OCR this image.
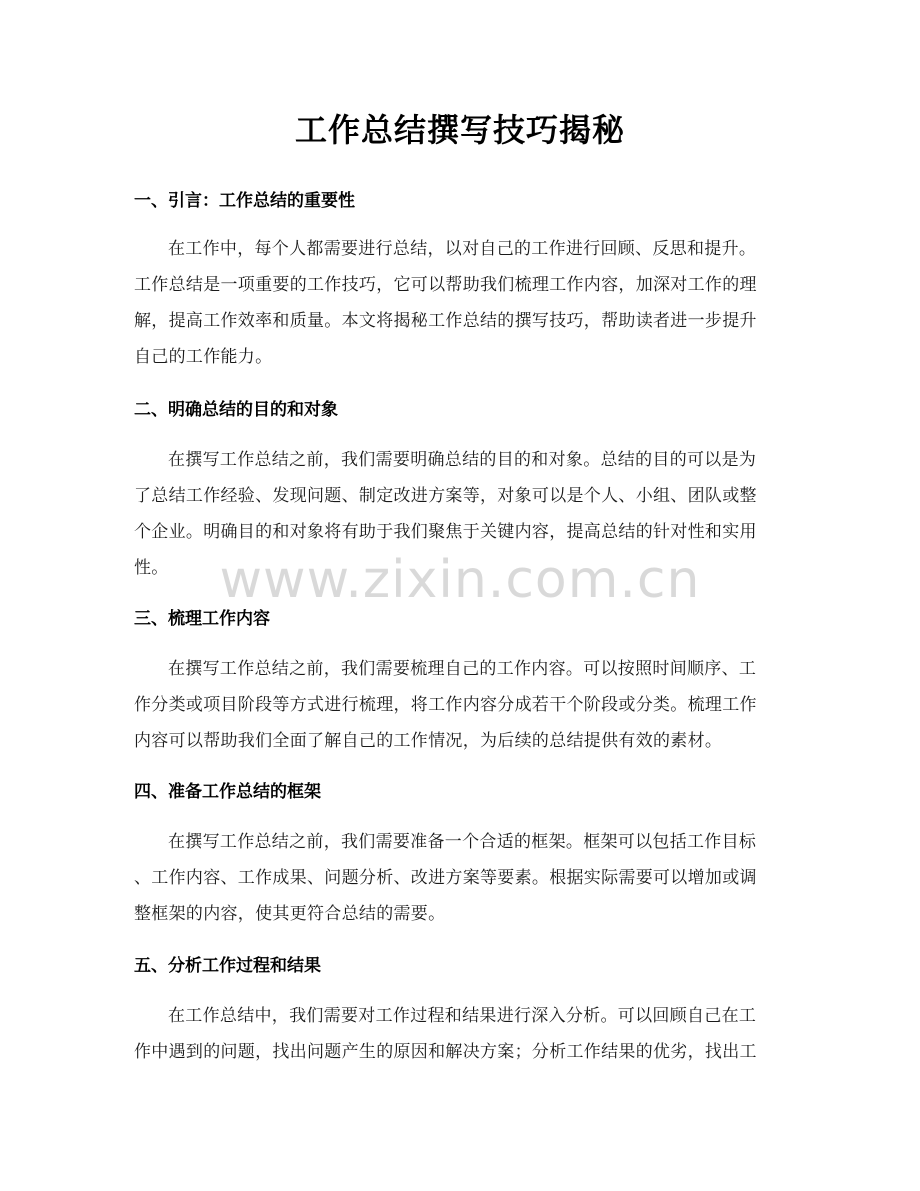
工作总结撰写技巧揭秘
一、引言：工作总结的重要性
在工作中，每个人都需要进行总结，以对自己的工作进行回顾、反思和提升。
工作总结是一项重要的工作技巧，它可以帮助我们梳理工作内容，加深对工作的理
解，提高工作效率和质量。本文将揭秘工作总结的撰写技巧，帮助读者进一步提升
自己的工作能力。
二、明确总结的目的和对象
在撰写工作总结之前，我们需要明确总结的目的和对象。总结的目的可以是为
了总结工作经验、发现问题、制定改进方案等，对象可以是个人、小组、团队或整
个企业。明确目的和对象将有助于我们聚焦于关键内容，提高总结的针对性和实用
性。
三、梳理工作内容
在撰写工作总结之前，我们需要梳理自己的工作内容。可以按照时间顺序、工
作分类或项目阶段等方式进行梳理，将工作内容分成若干个阶段或分类。梳理工作
内容可以帮助我们全面了解自己的工作情况，为后续的总结提供有效的素材。
四、准备工作总结的框架
在撰写工作总结之前，我们需要准备一个合适的框架。框架可以包括工作目标
、工作内容、工作成果、问题分析、改进方案等要素。根据实际需要可以增加或调
整框架的内容，使其更符合总结的需要。
五、分析工作过程和结果
在工作总结中，我们需要对工作过程和结果进行深入分析。可以回顾自己在工
作中遇到的问题，找出问题产生的原因和解决方案；分析工作结果的优劣，找出工
www.zixin.com.cn
